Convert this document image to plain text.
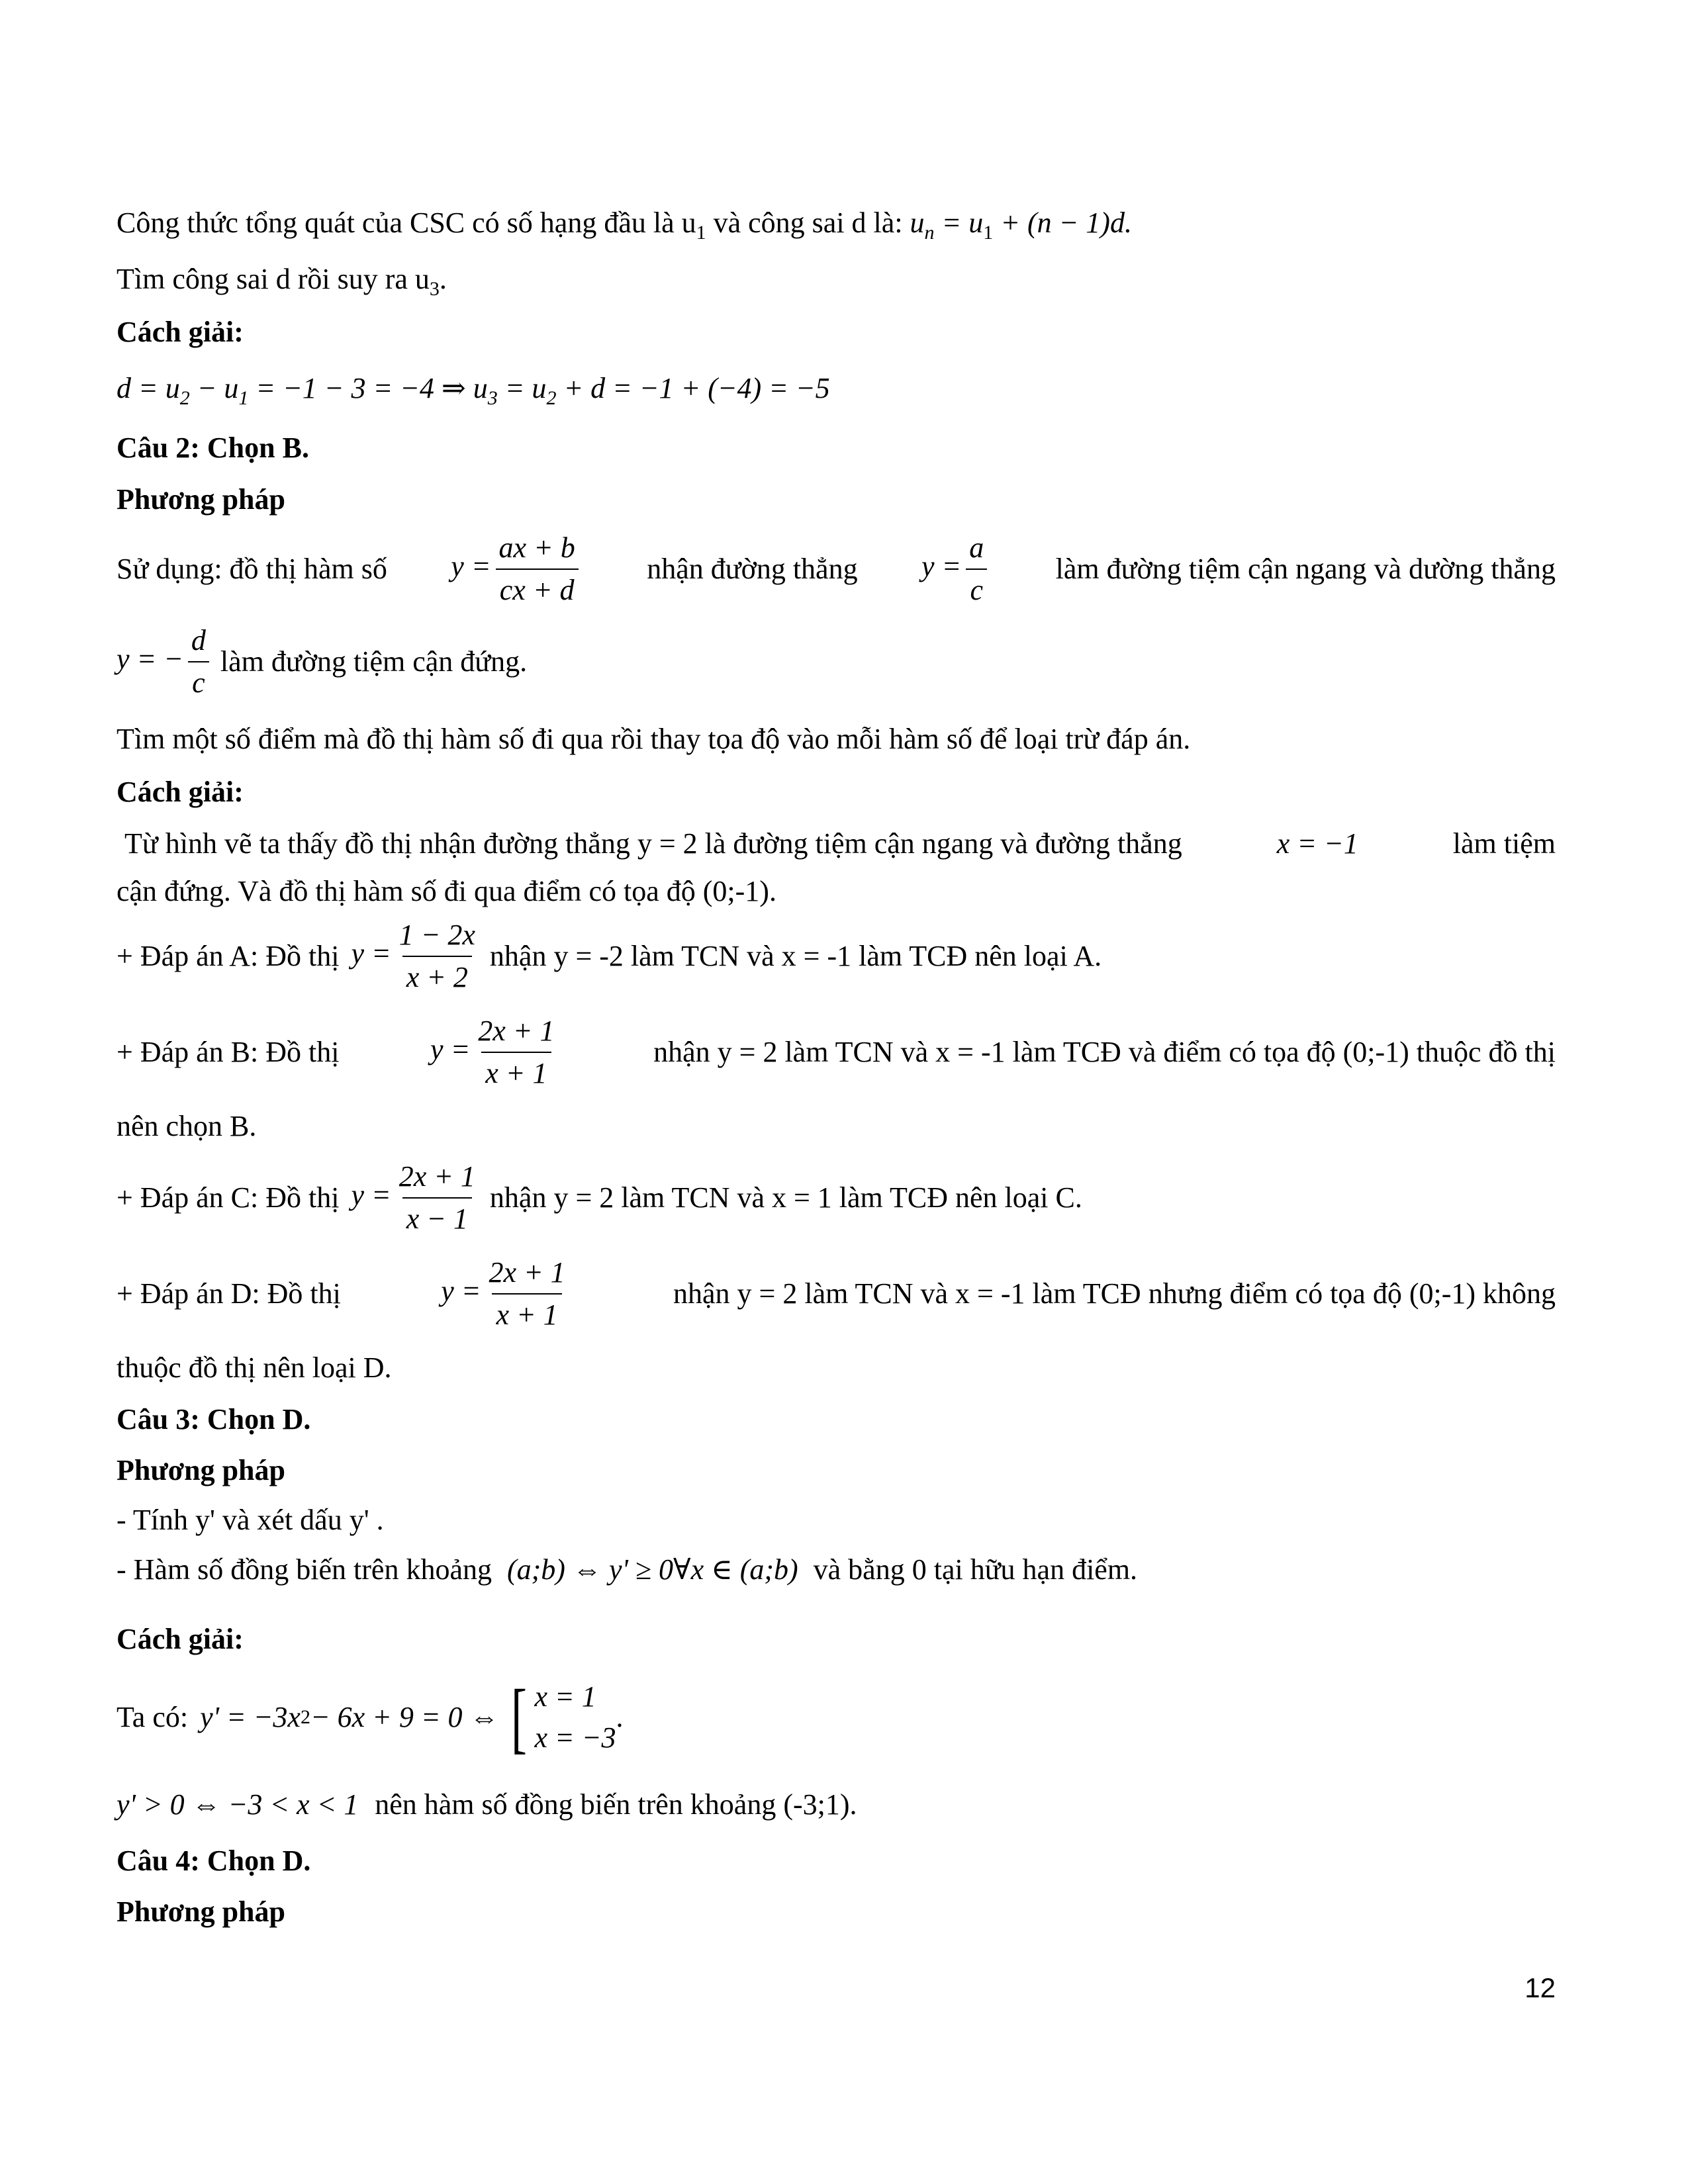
Công thức tổng quát của CSC có số hạng đầu là $u_1$ và công sai d là: $u_n = u_1 + (n - 1)d$.
Tìm công sai d rồi suy ra $u_3$.
Cách giải:
$d = u_2 - u_1 = -1 - 3 = -4$ ⇒ $u_3 = u_2 + d = -1 + (-4) = -5$
Câu 2: Chọn B.
Phương pháp
Sử dụng: đồ thị hàm số $y = \frac{ax + b}{cx + d}$ nhận đường thẳng $y = \frac{a}{c}$ làm đường tiệm cận ngang và dường thẳng
y = − $\frac{d}{c}$ làm đường tiệm cận đứng.
Tìm một số điểm mà đồ thị hàm số đi qua rồi thay tọa độ vào mỗi hàm số để loại trừ đáp án.
Cách giải:
Từ hình vẽ ta thấy đồ thị nhận đường thẳng y = 2 là đường tiệm cận ngang và đường thẳng	x = −1	làm tiệm
cận đứng. Và đồ thị hàm số đi qua điểm có tọa độ (0;-1).
+ Đáp án A: Đồ thị $y = \frac{1 - 2x}{x + 2}$ nhận y = -2 làm TCN và x = -1 làm TCĐ nên loại A.
+ Đáp án B: Đồ thị	$y = \frac{2x + 1}{x + 1}$	nhận y = 2 làm TCN và x = -1 làm TCĐ và điểm có tọa độ (0;-1) thuộc đồ thị
nên chọn B.
+ Đáp án C: Đồ thị $y = \frac{2x + 1}{x - 1}$ nhận y = 2 làm TCN và x = 1 làm TCĐ nên loại C.
+ Đáp án D: Đồ thị	$y = \frac{2x + 1}{x + 1}$	nhận y = 2 làm TCN và x = -1 làm TCĐ nhưng điểm có tọa độ (0;-1) không
thuộc đồ thị nên loại D.
Câu 3: Chọn D.
Phương pháp
- Tính y' và xét dấu y' .
- Hàm số đồng biến trên khoảng (a;b) ⇔ y' ≥ 0∀x ∈ (a;b) và bằng 0 tại hữu hạn điểm.
Cách giải:
Ta có: y' = −3x 2 − 6x + 9 = 0 ⇔ [ x = 1
x = −3
.
y' > 0 ⇔ −3 < x < 1 nên hàm số đồng biến trên khoảng (-3;1).
Câu 4: Chọn D.
Phương pháp
12
